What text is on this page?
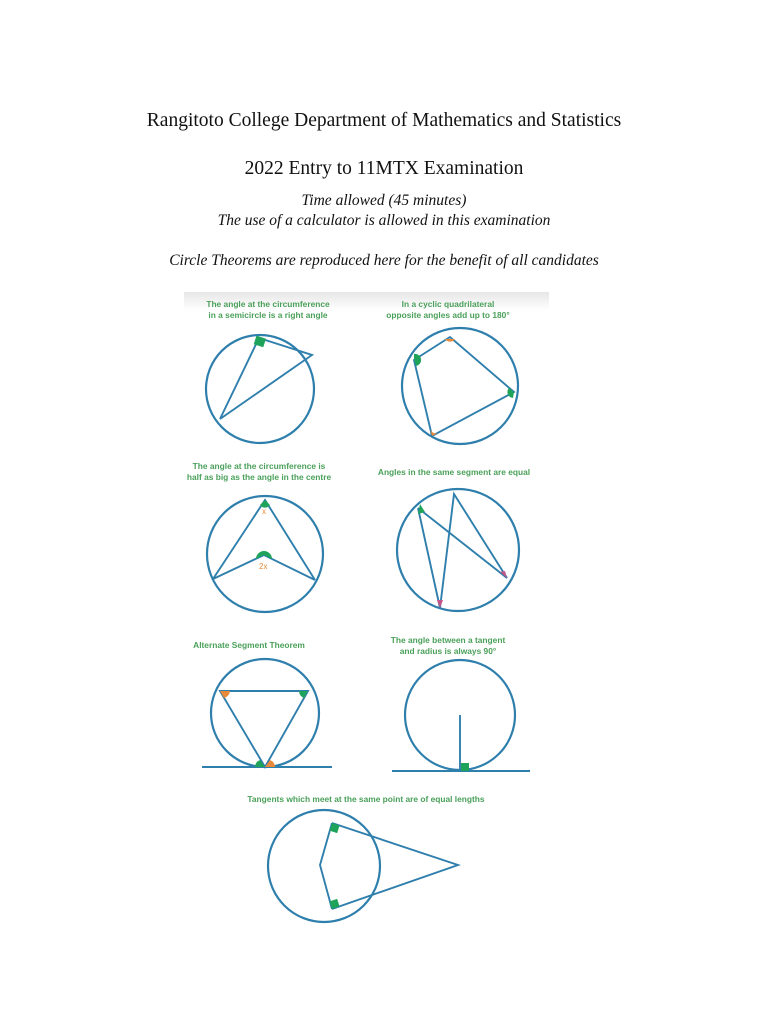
Rangitoto College Department of Mathematics and Statistics
2022 Entry to 11MTX Examination
Time allowed (45 minutes)
The use of a calculator is allowed in this examination
Circle Theorems are reproduced here for the benefit of all candidates
The angle at the circumference
in a semicircle is a right angle
In a cyclic quadrilateral
opposite angles add up to 180°
The angle at the circumference is
half as big as the angle in the centre
x
2x
Angles in the same segment are equal
Alternate Segment Theorem	The angle between a tangent
and radius is always 90°
Tangents which meet at the same point are of equal lengths
